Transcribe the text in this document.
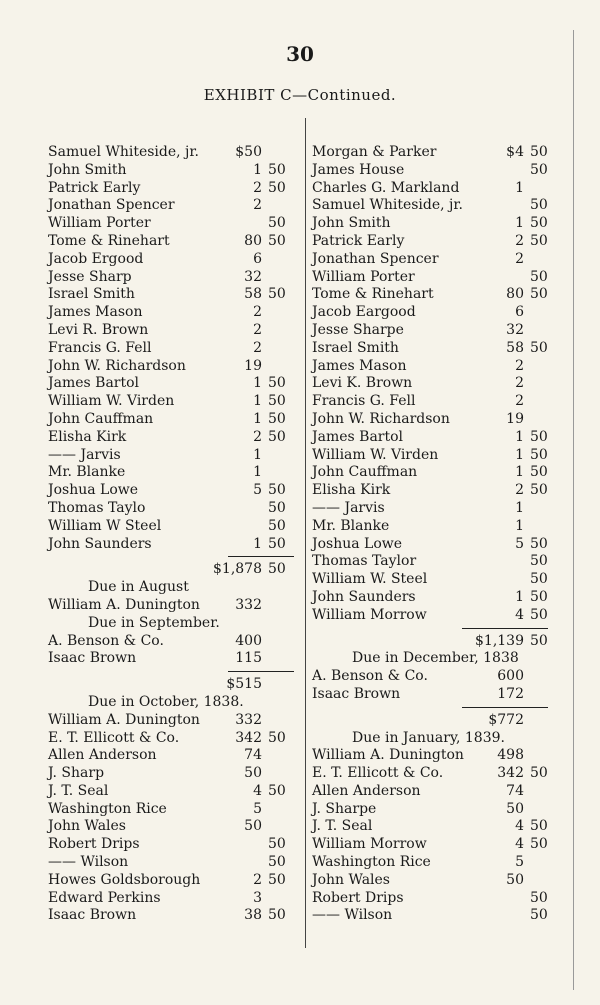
30
EXHIBIT C—Continued.
Samuel Whiteside, jr.	$50
John Smith	1 50
Patrick Early	2 50
Jonathan Spencer	2
William Porter	50
Tome & Rinehart	80 50
Jacob Ergood	6
Jesse Sharp	32
Israel Smith	58 50
James Mason	2
Levi R. Brown	2
Francis G. Fell	2
John W. Richardson	19
James Bartol	1 50
William W. Virden	1 50
John Cauffman	1 50
Elisha Kirk	2 50
—— Jarvis	1
Mr. Blanke	1
Joshua Lowe	5 50
Thomas Taylo	50
William W Steel	50
John Saunders	1 50
$1,878 50
Due in August
William A. Dunington	332
Due in September.
A. Benson & Co.	400
Isaac Brown	115
$515
Due in October, 1838.
William A. Dunington	332
E. T. Ellicott & Co.	342 50
Allen Anderson	74
J. Sharp	50
J. T. Seal	4 50
Washington Rice	5
John Wales	50
Robert Drips	50
—— Wilson	50
Howes Goldsborough	2 50
Edward Perkins	3
Isaac Brown	38 50
Morgan & Parker	$4 50
James House	50
Charles G. Markland	1
Samuel Whiteside, jr.	50
John Smith	1 50
Patrick Early	2 50
Jonathan Spencer	2
William Porter	50
Tome & Rinehart	80 50
Jacob Eargood	6
Jesse Sharpe	32
Israel Smith	58 50
James Mason	2
Levi K. Brown	2
Francis G. Fell	2
John W. Richardson	19
James Bartol	1 50
William W. Virden	1 50
John Cauffman	1 50
Elisha Kirk	2 50
—— Jarvis	1
Mr. Blanke	1
Joshua Lowe	5 50
Thomas Taylor	50
William W. Steel	50
John Saunders	1 50
William Morrow	4 50
$1,139 50
Due in December, 1838
A. Benson & Co.	600
Isaac Brown	172
$772
Due in January, 1839.
William A. Dunington 498
E. T. Ellicott & Co.	342 50
Allen Anderson	74
J. Sharpe	50
J. T. Seal	4 50
William Morrow	4 50
Washington Rice	5
John Wales	50
Robert Drips	50
—— Wilson	50
